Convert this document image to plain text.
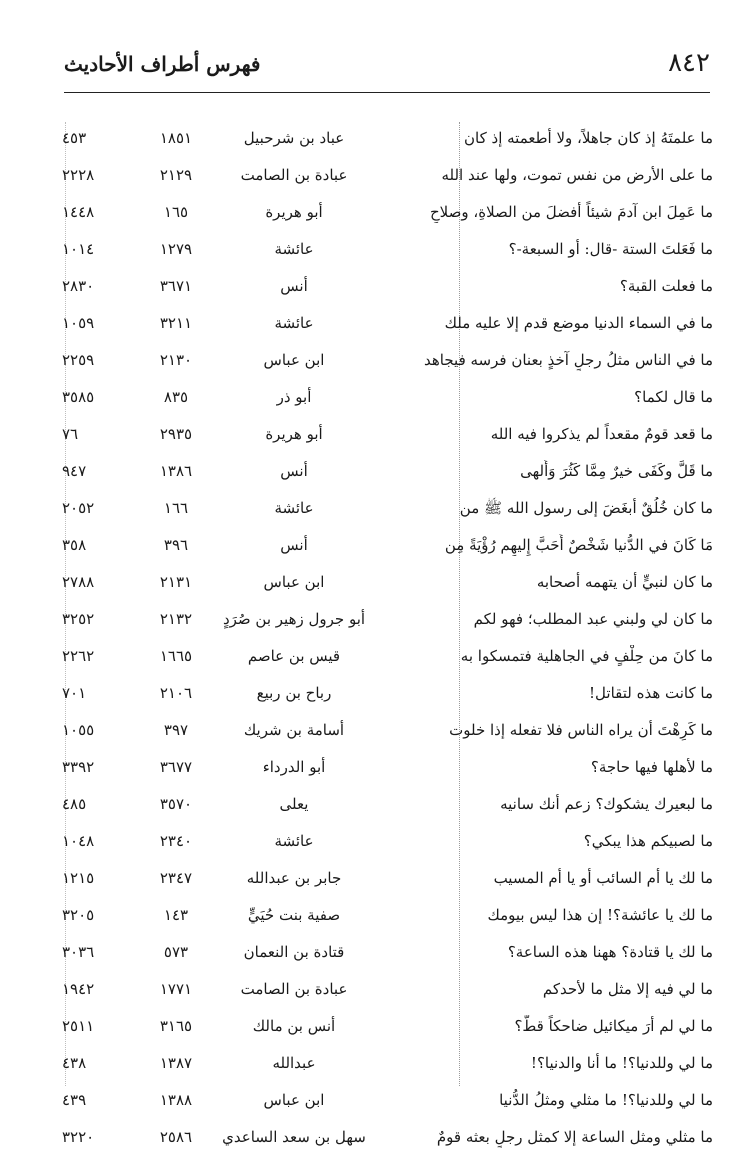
٨٤٢
فهرس أطراف الأحاديث
ما علمتَهُ إذ كان جاهلاً، ولا أطعمته إذ كان
عباد بن شرحبيل
١٨٥١
٤٥٣
ما على الأرض من نفس تموت، ولها عند الله
عبادة بن الصامت
٢١٢٩
٢٢٢٨
ما عَمِلَ ابن آدمَ شيئاً أفضلَ من الصلاةِ، وصلاحِ
أبو هريرة
١٦٥
١٤٤٨
ما فَعَلتَ الستة -قال: أو السبعة-؟
عائشة
١٢٧٩
١٠١٤
ما فعلت القبة؟
أنس
٣٦٧١
٢٨٣٠
ما في السماء الدنيا موضع قدم إلا عليه ملك
عائشة
٣٢١١
١٠٥٩
ما في الناس مثلُ رجلٍ آخذٍ بعنان فرسه فيجاهد
ابن عباس
٢١٣٠
٢٢٥٩
ما قال لكما؟
أبو ذر
٨٣٥
٣٥٨٥
ما قعد قومٌ مقعداً لم يذكروا فيه الله
أبو هريرة
٢٩٣٥
٧٦
ما قَلَّ وكَفَى خيرٌ مِمَّا كَثُرَ وَأَلهى
أنس
١٣٨٦
٩٤٧
ما كان خُلُقٌ أبغَضَ إلى رسول الله ﷺ من
عائشة
١٦٦
٢٠٥٢
مَا كَانَ في الدُّنيا شَخْصٌ أَحَبَّ إِليهِم رُؤْيَةً مِن
أنس
٣٩٦
٣٥٨
ما كان لنبيٍّ أن يتهمه أصحابه
ابن عباس
٢١٣١
٢٧٨٨
ما كان لي ولبني عبد المطلب؛ فهو لكم
أبو جرول زهير بن صُرَدٍ
٢١٣٢
٣٢٥٢
ما كانَ من حِلْفٍ في الجاهلية فتمسكوا به
قيس بن عاصم
١٦٦٥
٢٢٦٢
ما كانت هذه لتقاتل!
رباح بن ربيع
٢١٠٦
٧٠١
ما كَرِهْتَ أن يراه الناس فلا تفعله إذا خلوت
أسامة بن شريك
٣٩٧
١٠٥٥
ما لأهلها فيها حاجة؟
أبو الدرداء
٣٦٧٧
٣٣٩٢
ما لبعيرك يشكوك؟ زعم أنك سانيه
يعلى
٣٥٧٠
٤٨٥
ما لصبيكم هذا يبكي؟
عائشة
٢٣٤٠
١٠٤٨
ما لك يا أم السائب أو يا أم المسيب
جابر بن عبدالله
٢٣٤٧
١٢١٥
ما لك يا عائشة؟! إن هذا ليس بيومك
صفية بنت حُيَيٍّ
١٤٣
٣٢٠٥
ما لك يا قتادة؟ ههنا هذه الساعة؟
قتادة بن النعمان
٥٧٣
٣٠٣٦
ما لي فيه إلا مثل ما لأحدكم
عبادة بن الصامت
١٧٧١
١٩٤٢
ما لي لم أرَ ميكائيل ضاحكاً قطُّ؟
أنس بن مالك
٣١٦٥
٢٥١١
ما لي وللدنيا؟! ما أنا والدنيا؟!
عبدالله
١٣٨٧
٤٣٨
ما لي وللدنيا؟! ما مثلي ومثلُ الدُّنيا
ابن عباس
١٣٨٨
٤٣٩
ما مثلي ومثل الساعة إلا كمثل رجلٍ بعثه قومٌ
سهل بن سعد الساعدي
٢٥٨٦
٣٢٢٠
